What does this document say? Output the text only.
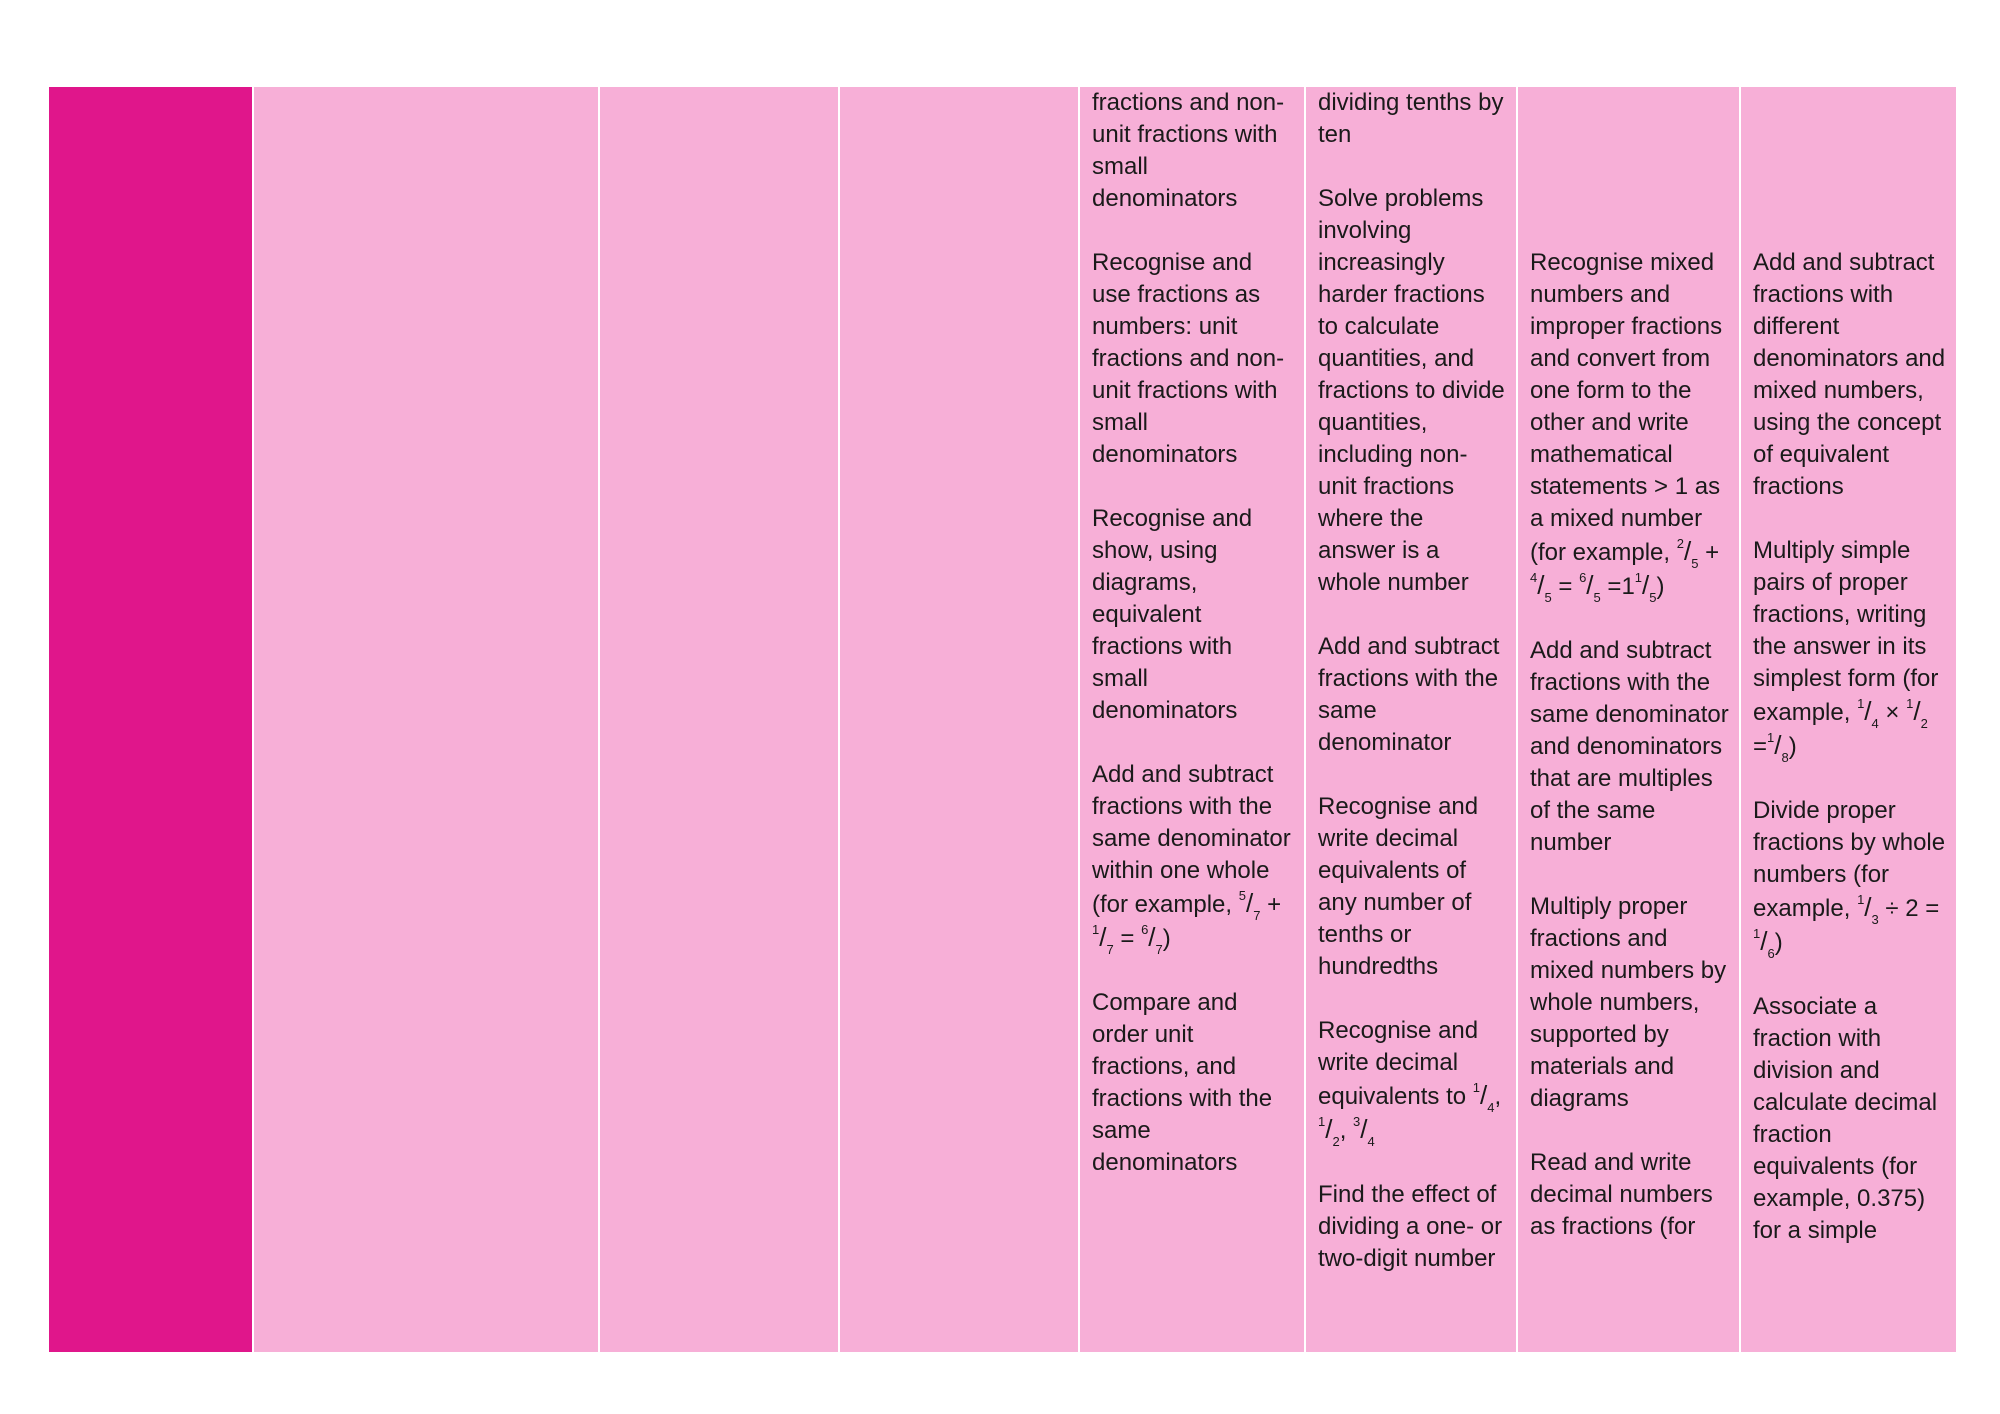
fractions and non-unit fractions with small denominators

Recognise and use fractions as numbers: unit fractions and non-unit fractions with small denominators

Recognise and show, using diagrams, equivalent fractions with small denominators

Add and subtract fractions with the same denominator within one whole (for example, $^5/_7 + ^1/_7 = ^6/_7$)

Compare and order unit fractions, and fractions with the same denominators

dividing tenths by ten

Solve problems involving increasingly harder fractions to calculate quantities, and fractions to divide quantities, including non-unit fractions where the answer is a whole number

Add and subtract fractions with the same denominator

Recognise and write decimal equivalents of any number of tenths or hundredths

Recognise and write decimal equivalents to $^1/_4$, $^1/_2$, $^3/_4$

Find the effect of dividing a one- or two-digit number

Recognise mixed numbers and improper fractions and convert from one form to the other and write mathematical statements > 1 as a mixed number (for example, $^2/_5 + ^4/_5 = ^6/_5 =1^1/_5$)

Add and subtract fractions with the same denominator and denominators that are multiples of the same number

Multiply proper fractions and mixed numbers by whole numbers, supported by materials and diagrams

Read and write decimal numbers as fractions (for

Add and subtract fractions with different denominators and mixed numbers, using the concept of equivalent fractions

Multiply simple pairs of proper fractions, writing the answer in its simplest form (for example, $^1/_4 \times ^1/_2 =^1/_8$)

Divide proper fractions by whole numbers (for example, $^1/_3 \div 2 = ^1/_6$)

Associate a fraction with division and calculate decimal fraction equivalents (for example, 0.375) for a simple
